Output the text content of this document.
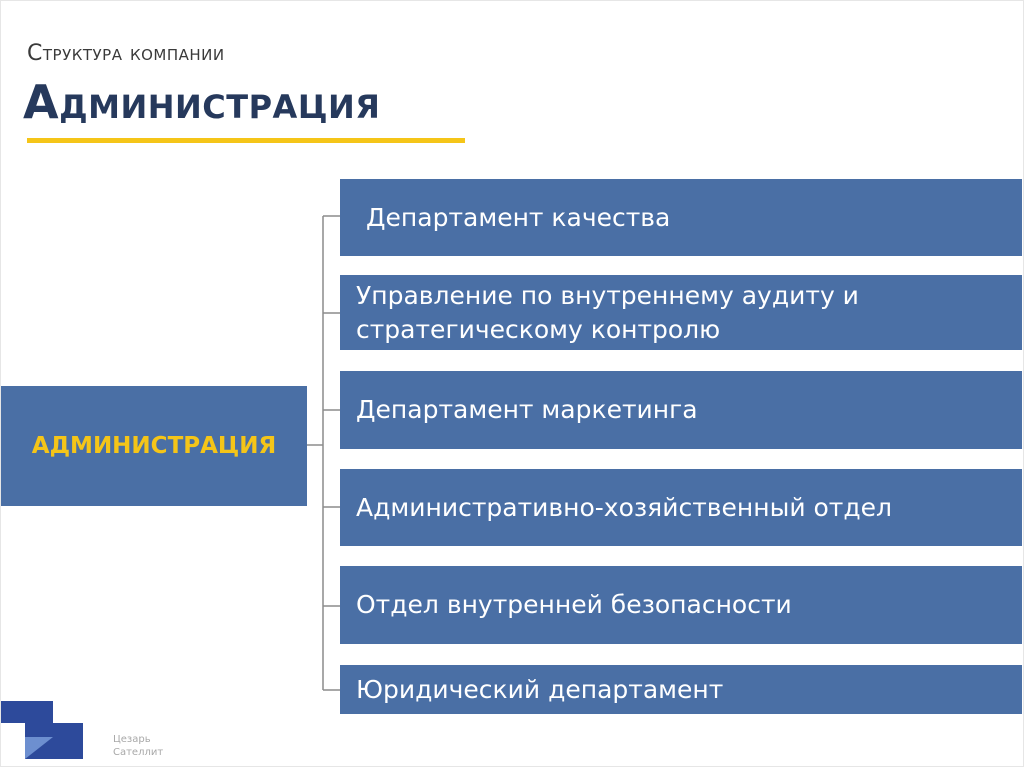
Структура компании
Администрация
АДМИНИСТРАЦИЯ
Департамент качества
Управление по внутреннему аудиту и
стратегическому контролю
Департамент маркетинга
Административно-хозяйственный отдел
Отдел внутренней безопасности
Юридический департамент
Цезарь
Сателлит
